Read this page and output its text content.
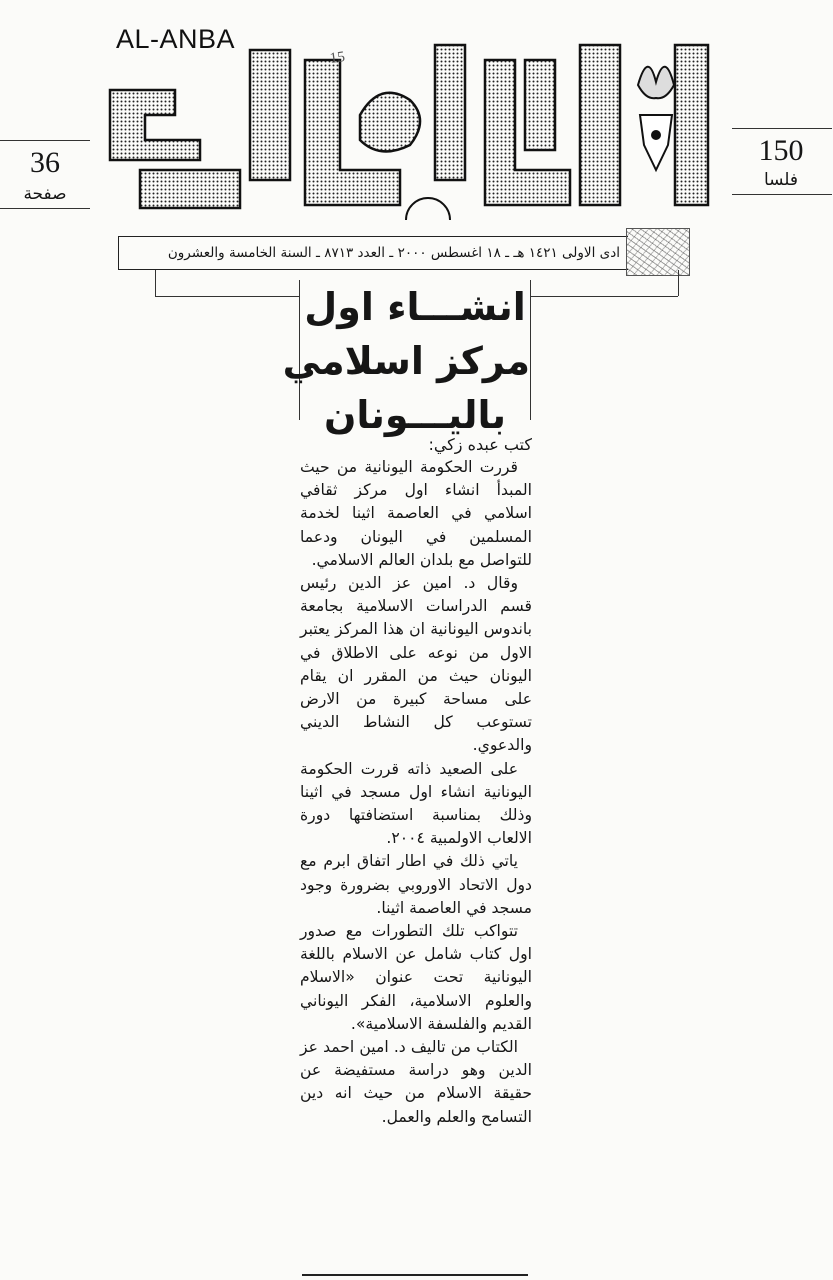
AL-ANBA
15
36
صفحة
150
فلسا
ادى الاولى ١٤٢١ هـ ـ ١٨ اغسطس ٢٠٠٠ ـ العدد ٨٧١٣ ـ السنة الخامسة والعشرون
انشـــاء اول
مركز اسلامي
باليـــونان
كتب عبده زكي:

قررت الحكومة اليونانية من حيث المبدأ انشاء اول مركز ثقافي اسلامي في العاصمة اثينا لخدمة المسلمين في اليونان ودعما للتواصل مع بلدان العالم الاسلامي.

وقال د. امين عز الدين رئيس قسم الدراسات الاسلامية بجامعة باندوس اليونانية ان هذا المركز يعتبر الاول من نوعه على الاطلاق في اليونان حيث من المقرر ان يقام على مساحة كبيرة من الارض تستوعب كل النشاط الديني والدعوي.

على الصعيد ذاته قررت الحكومة اليونانية انشاء اول مسجد في اثينا وذلك بمناسبة استضافتها دورة الالعاب الاولمبية ٢٠٠٤.

ياتي ذلك في اطار اتفاق ابرم مع دول الاتحاد الاوروبي بضرورة وجود مسجد في العاصمة اثينا.

تتواكب تلك التطورات مع صدور اول كتاب شامل عن الاسلام باللغة اليونانية تحت عنوان «الاسلام والعلوم الاسلامية، الفكر اليوناني القديم والفلسفة الاسلامية».

الكتاب من تاليف د. امين احمد عز الدين وهو دراسة مستفيضة عن حقيقة الاسلام من حيث انه دين التسامح والعلم والعمل.
